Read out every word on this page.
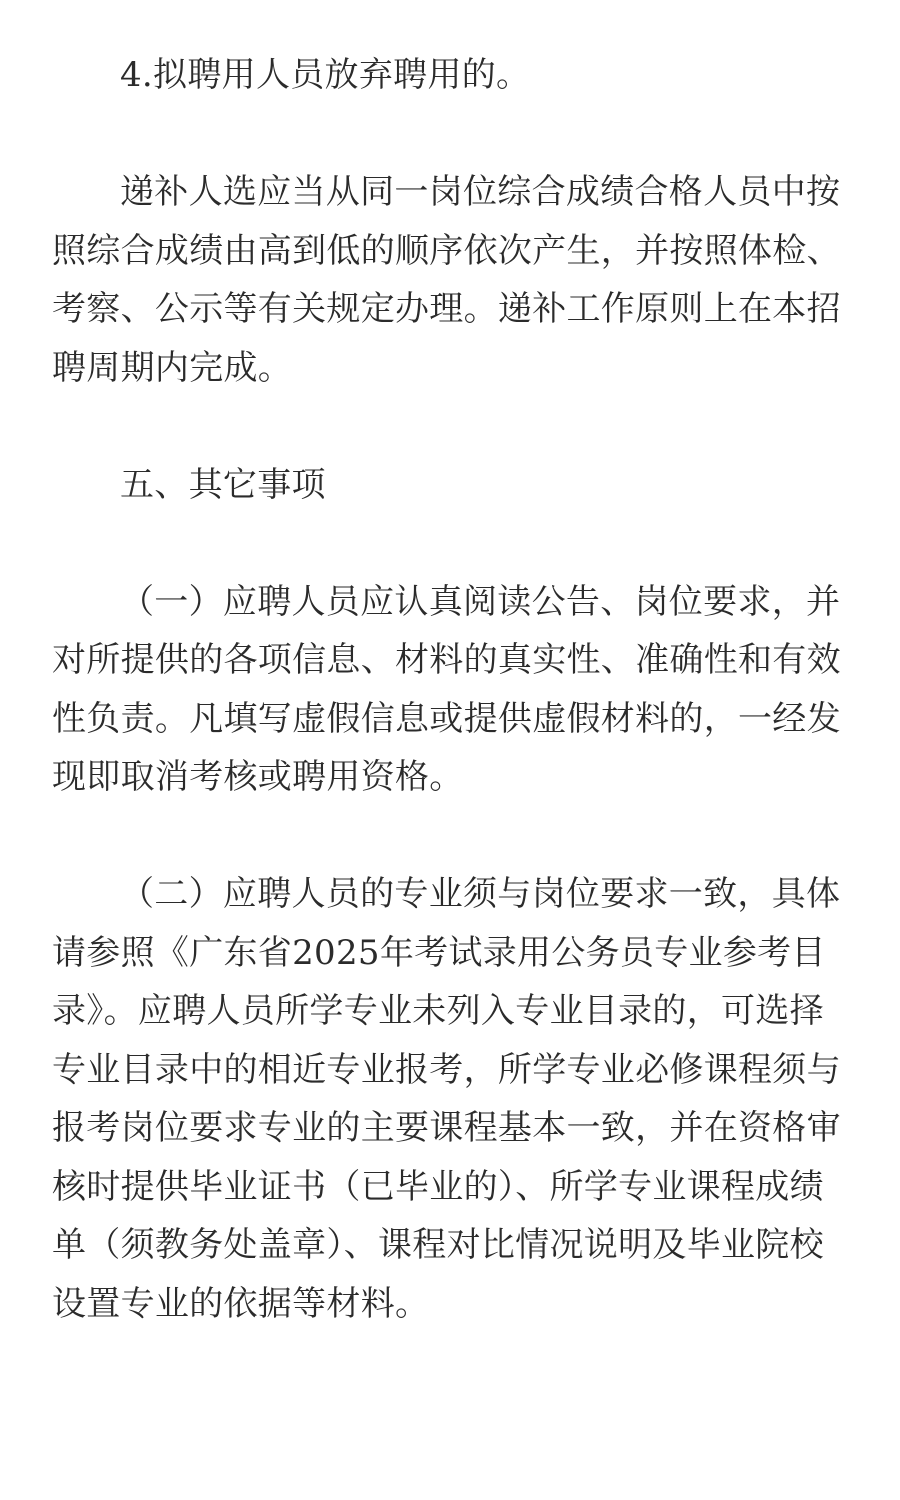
4.拟聘用人员放弃聘用的。

递补人选应当从同一岗位综合成绩合格人员中按照综合成绩由高到低的顺序依次产生，并按照体检、考察、公示等有关规定办理。递补工作原则上在本招聘周期内完成。

五、其它事项

（一）应聘人员应认真阅读公告、岗位要求，并对所提供的各项信息、材料的真实性、准确性和有效性负责。凡填写虚假信息或提供虚假材料的，一经发现即取消考核或聘用资格。

（二）应聘人员的专业须与岗位要求一致，具体请参照《广东省2025年考试录用公务员专业参考目录》。应聘人员所学专业未列入专业目录的，可选择专业目录中的相近专业报考，所学专业必修课程须与报考岗位要求专业的主要课程基本一致，并在资格审核时提供毕业证书（已毕业的）、所学专业课程成绩单（须教务处盖章）、课程对比情况说明及毕业院校设置专业的依据等材料。
